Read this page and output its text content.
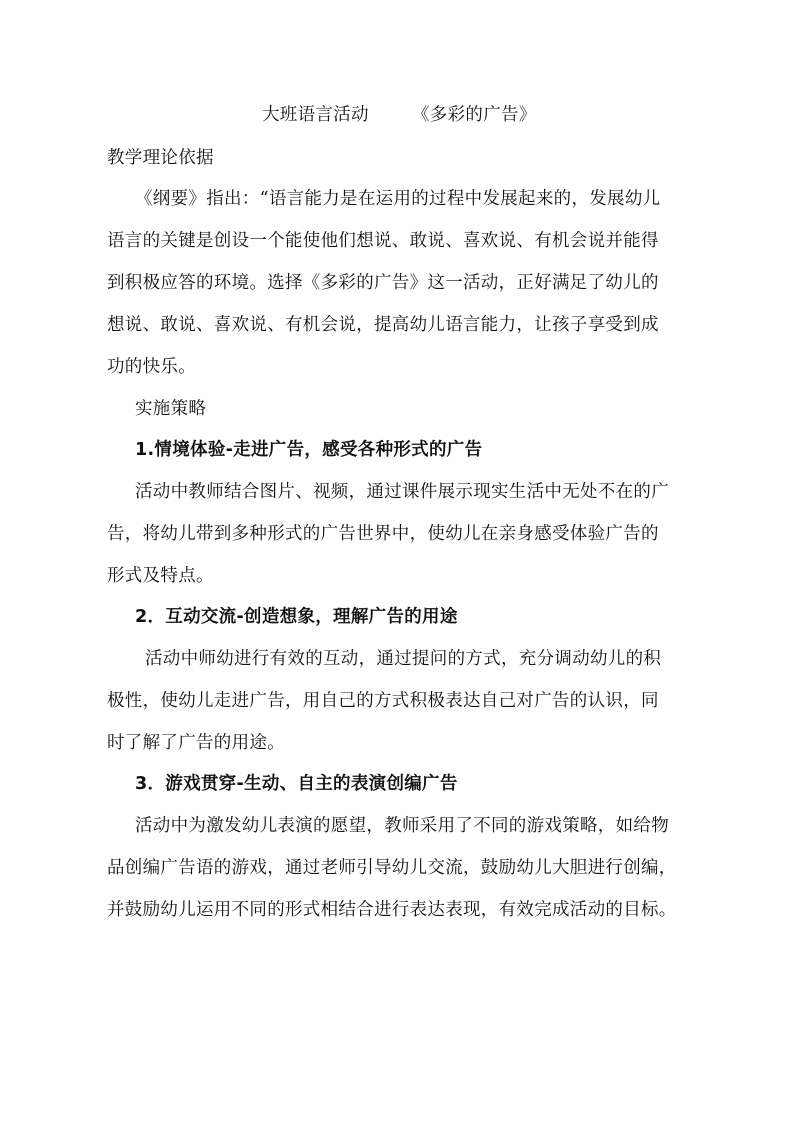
大班语言活动 《多彩的广告》
教学理论依据
《纲要》指出：“语言能力是在运用的过程中发展起来的，发展幼儿
语言的关键是创设一个能使他们想说、敢说、喜欢说、有机会说并能得
到积极应答的环境。选择《多彩的广告》这一活动，正好满足了幼儿的
想说、敢说、喜欢说、有机会说，提高幼儿语言能力，让孩子享受到成
功的快乐。
实施策略
1.情境体验-走进广告，感受各种形式的广告
活动中教师结合图片、视频，通过课件展示现实生活中无处不在的广
告，将幼儿带到多种形式的广告世界中，使幼儿在亲身感受体验广告的
形式及特点。
2．互动交流-创造想象，理解广告的用途
活动中师幼进行有效的互动，通过提问的方式，充分调动幼儿的积
极性，使幼儿走进广告，用自己的方式积极表达自己对广告的认识，同
时了解了广告的用途。
3．游戏贯穿-生动、自主的表演创编广告
活动中为激发幼儿表演的愿望，教师采用了不同的游戏策略，如给物
品创编广告语的游戏，通过老师引导幼儿交流，鼓励幼儿大胆进行创编，
并鼓励幼儿运用不同的形式相结合进行表达表现，有效完成活动的目标。
